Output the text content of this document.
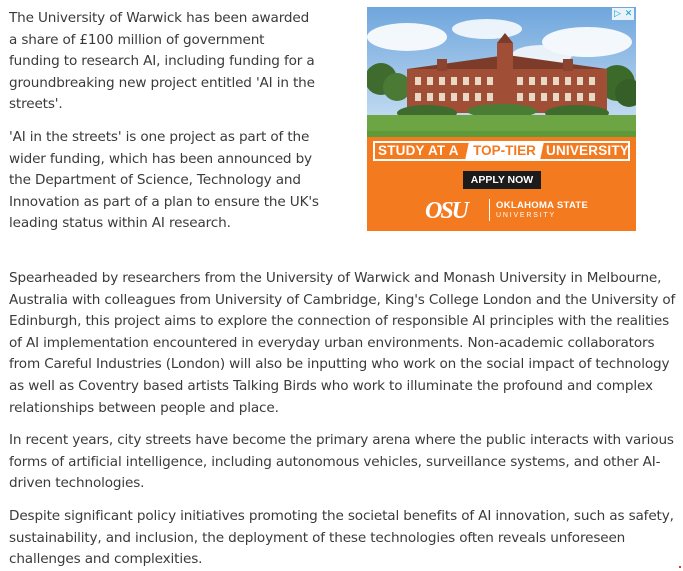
The University of Warwick has been awarded a share of £100 million of government funding to research AI, including funding for a groundbreaking new project entitled 'AI in the streets'.

'AI in the streets' is one project as part of the wider funding, which has been announced by the Department of Science, Technology and Innovation as part of a plan to ensure the UK's leading status within AI research.

Spearheaded by researchers from the University of Warwick and Monash University in Melbourne, Australia with colleagues from University of Cambridge, King's College London and the University of Edinburgh, this project aims to explore the connection of responsible AI principles with the realities of AI implementation encountered in everyday urban environments. Non-academic collaborators from Careful Industries (London) will also be inputting who work on the social impact of technology as well as Coventry based artists Talking Birds who work to illuminate the profound and complex relationships between people and place.

In recent years, city streets have become the primary arena where the public interacts with various forms of artificial intelligence, including autonomous vehicles, surveillance systems, and other AI-driven technologies.

Despite significant policy initiatives promoting the societal benefits of AI innovation, such as safety, sustainability, and inclusion, the deployment of these technologies often reveals unforeseen challenges and complexities.

▷ ✕
STUDY AT A	TOP-TIER UNIVERSITY
APPLY NOW
OSU	OKLAHOMA STATE
UNIVERSITY
